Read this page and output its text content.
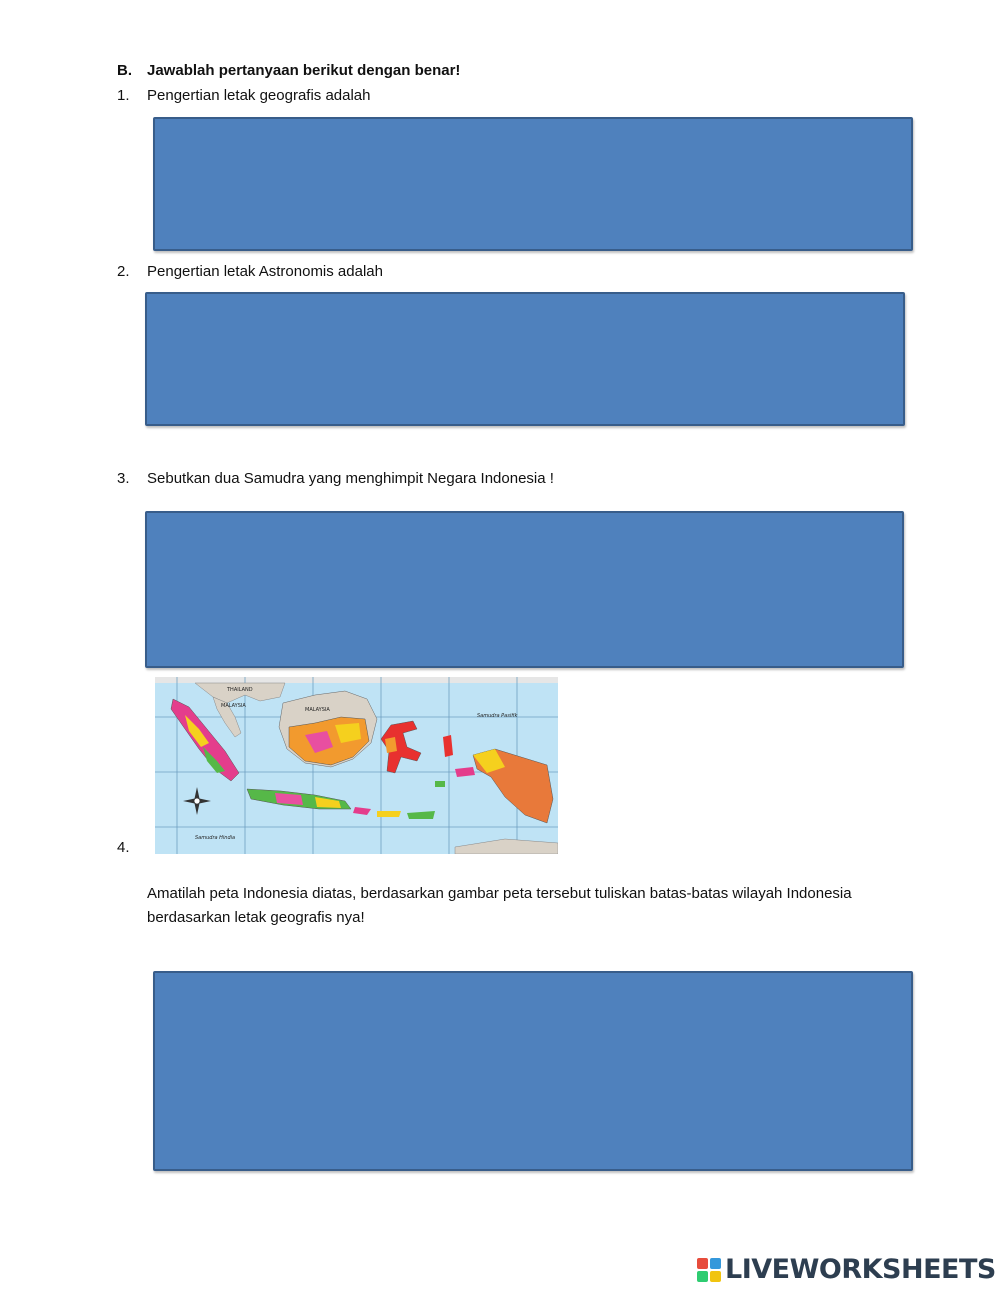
B. Jawablah pertanyaan berikut dengan benar!
1. Pengertian letak geografis adalah
2. Pengertian letak Astronomis adalah
3. Sebutkan dua Samudra yang menghimpit Negara Indonesia !
THAILAND
MALAYSIA
MALAYSIA
Samudra Pasifik
Samudra Hindia
4.
Amatilah peta Indonesia diatas, berdasarkan gambar peta tersebut tuliskan batas-batas wilayah Indonesia
berdasarkan letak geografis nya!
LIVEWORKSHEETS
